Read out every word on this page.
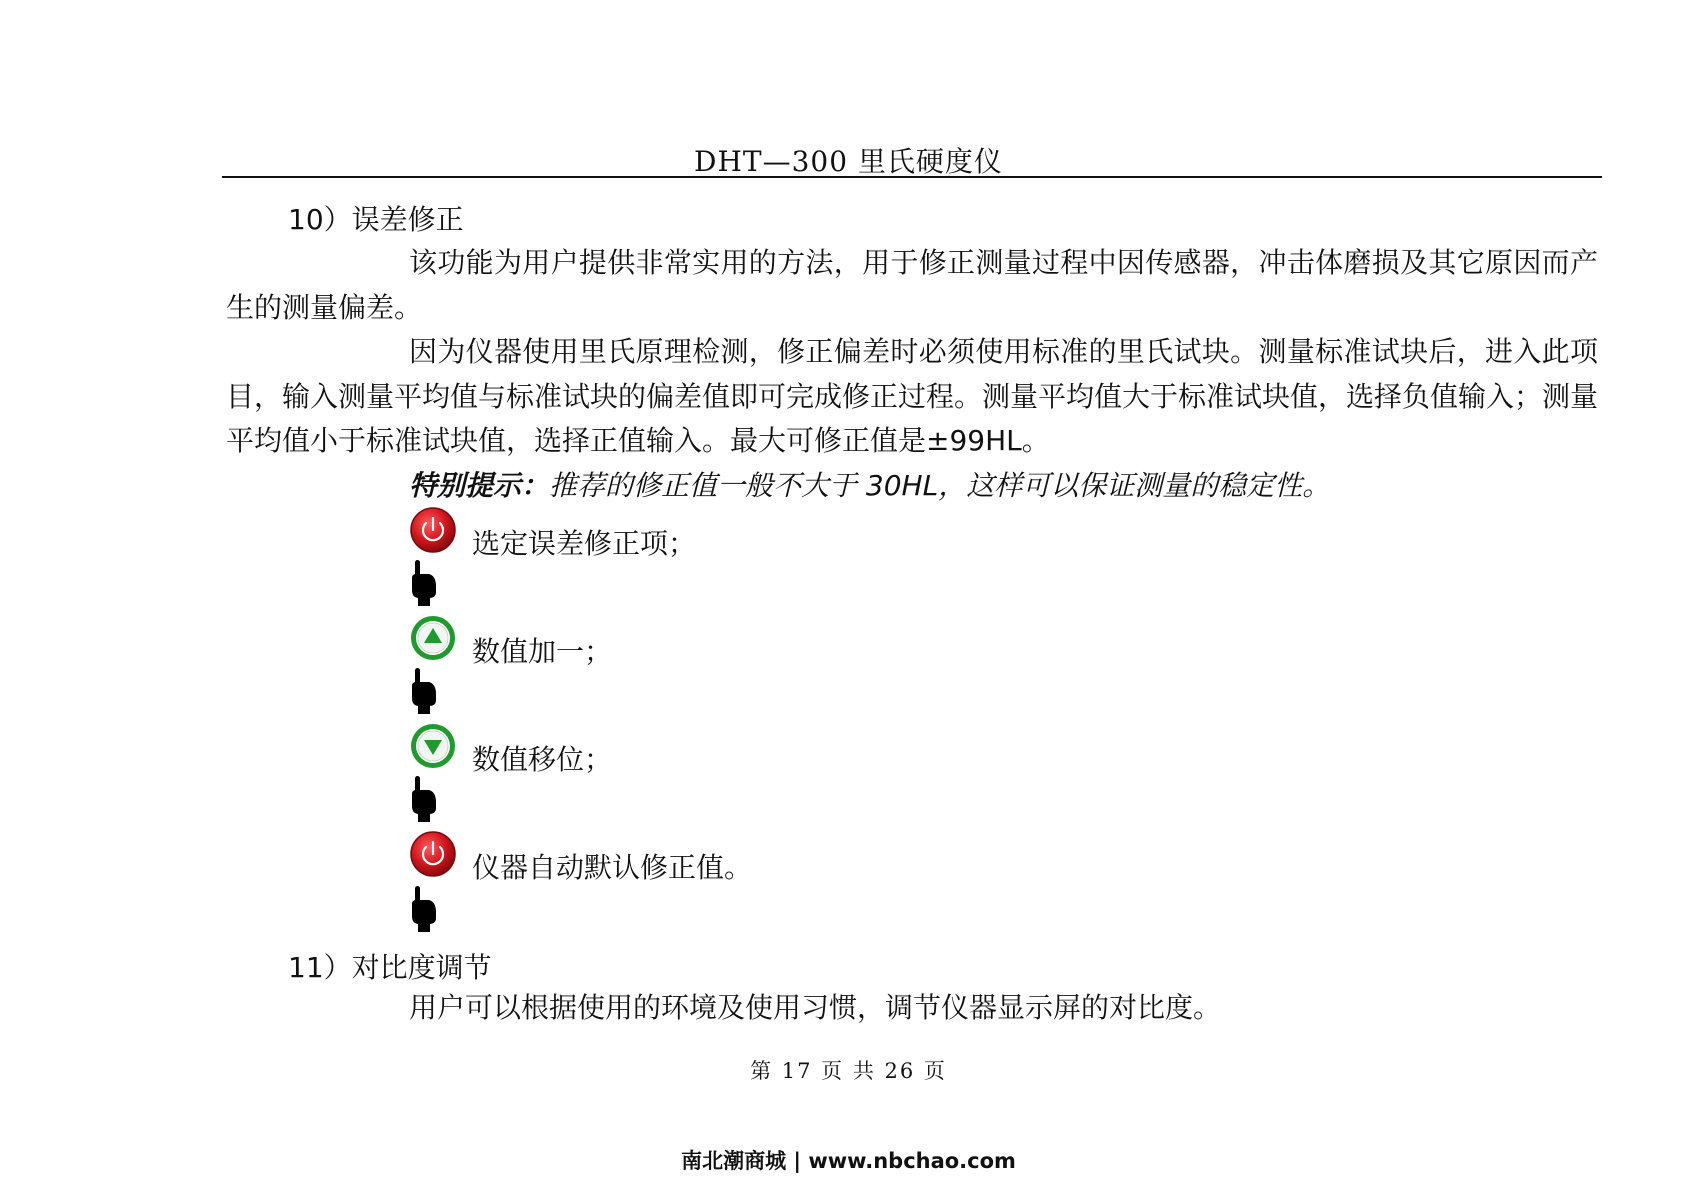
DHT—300 里氏硬度仪
10）误差修正

该功能为用户提供非常实用的方法，用于修正测量过程中因传感器，冲击体磨损及其它原因而产生的测量偏差。

因为仪器使用里氏原理检测，修正偏差时必须使用标准的里氏试块。测量标准试块后，进入此项目，输入测量平均值与标准试块的偏差值即可完成修正过程。测量平均值大于标准试块值，选择负值输入；测量平均值小于标准试块值，选择正值输入。最大可修正值是±99HL。

特别提示：推荐的修正值一般不大于 30HL，这样可以保证测量的稳定性。
选定误差修正项；
数值加一；
数值移位；
仪器自动默认修正值。
11）对比度调节
用户可以根据使用的环境及使用习惯，调节仪器显示屏的对比度。
第 17 页 共 26 页
南北潮商城 | www.nbchao.com
